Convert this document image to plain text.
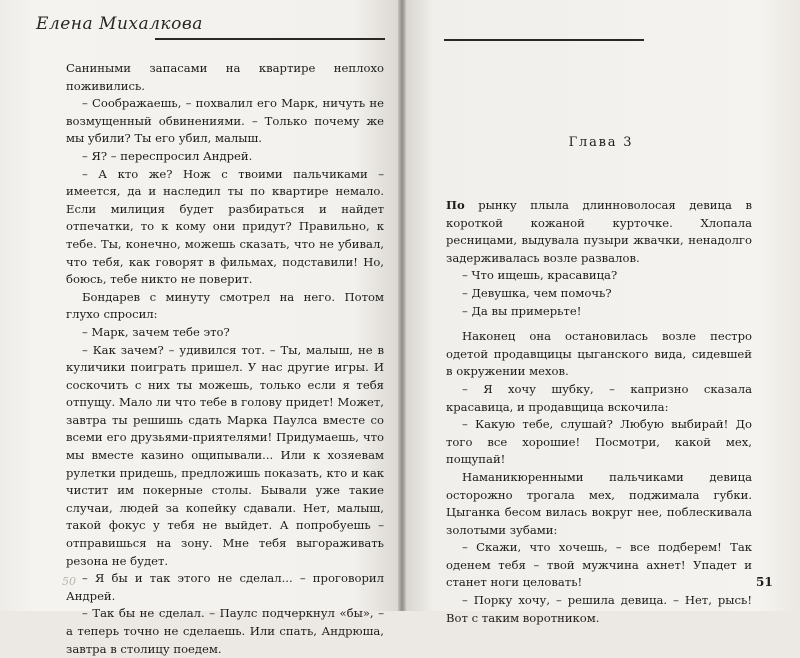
Елена Михалкова

Саниными запасами на квартире неплохо поживились.

– Соображаешь, – похвалил его Марк, ничуть не возмущенный обвинениями. – Только почему же мы убили? Ты его убил, малыш.

– Я? – переспросил Андрей.

– А кто же? Нож с твоими пальчиками – имеется, да и наследил ты по квартире немало. Если милиция будет разбираться и найдет отпечатки, то к кому они придут? Правильно, к тебе. Ты, конечно, можешь сказать, что не убивал, что тебя, как говорят в фильмах, подставили! Но, боюсь, тебе никто не поверит.

Бондарев с минуту смотрел на него. Потом глухо спросил:

– Марк, зачем тебе это?

– Как зачем? – удивился тот. – Ты, малыш, не в куличики поиграть пришел. У нас другие игры. И соскочить с них ты можешь, только если я тебя отпущу. Мало ли что тебе в голову придет! Может, завтра ты решишь сдать Марка Паулса вместе со всеми его друзьями-приятелями! Придумаешь, что мы вместе казино ощипывали... Или к хозяевам рулетки придешь, предложишь показать, кто и как чистит им покерные столы. Бывали уже такие случаи, людей за копейку сдавали. Нет, малыш, такой фокус у тебя не выйдет. А попробуешь – отправишься на зону. Мне тебя выгораживать резона не будет.

– Я бы и так этого не сделал... – проговорил Андрей.

– Так бы не сделал. – Паулс подчеркнул «бы», – а теперь точно не сделаешь. Или спать, Андрюша, завтра в столицу поедем.

50
Глава 3

По рынку плыла длинноволосая девица в короткой кожаной курточке. Хлопала ресницами, выдувала пузыри жвачки, ненадолго задерживалась возле развалов.

– Что ищешь, красавица?

– Девушка, чем помочь?

– Да вы примерьте!

Наконец она остановилась возле пестро одетой продавщицы цыганского вида, сидевшей в окружении мехов.

– Я хочу шубку, – капризно сказала красавица, и продавщица вскочила:

– Какую тебе, слушай? Любую выбирай! До того все хорошие! Посмотри, какой мех, пощупай!

Наманикюренными пальчиками девица осторожно трогала мех, поджимала губки. Цыганка бесом вилась вокруг нее, поблескивала золотыми зубами:

– Скажи, что хочешь, – все подберем! Так оденем тебя – твой мужчина ахнет! Упадет и станет ноги целовать!

– Порку хочу, – решила девица. – Нет, рысь! Вот с таким воротником.

51
